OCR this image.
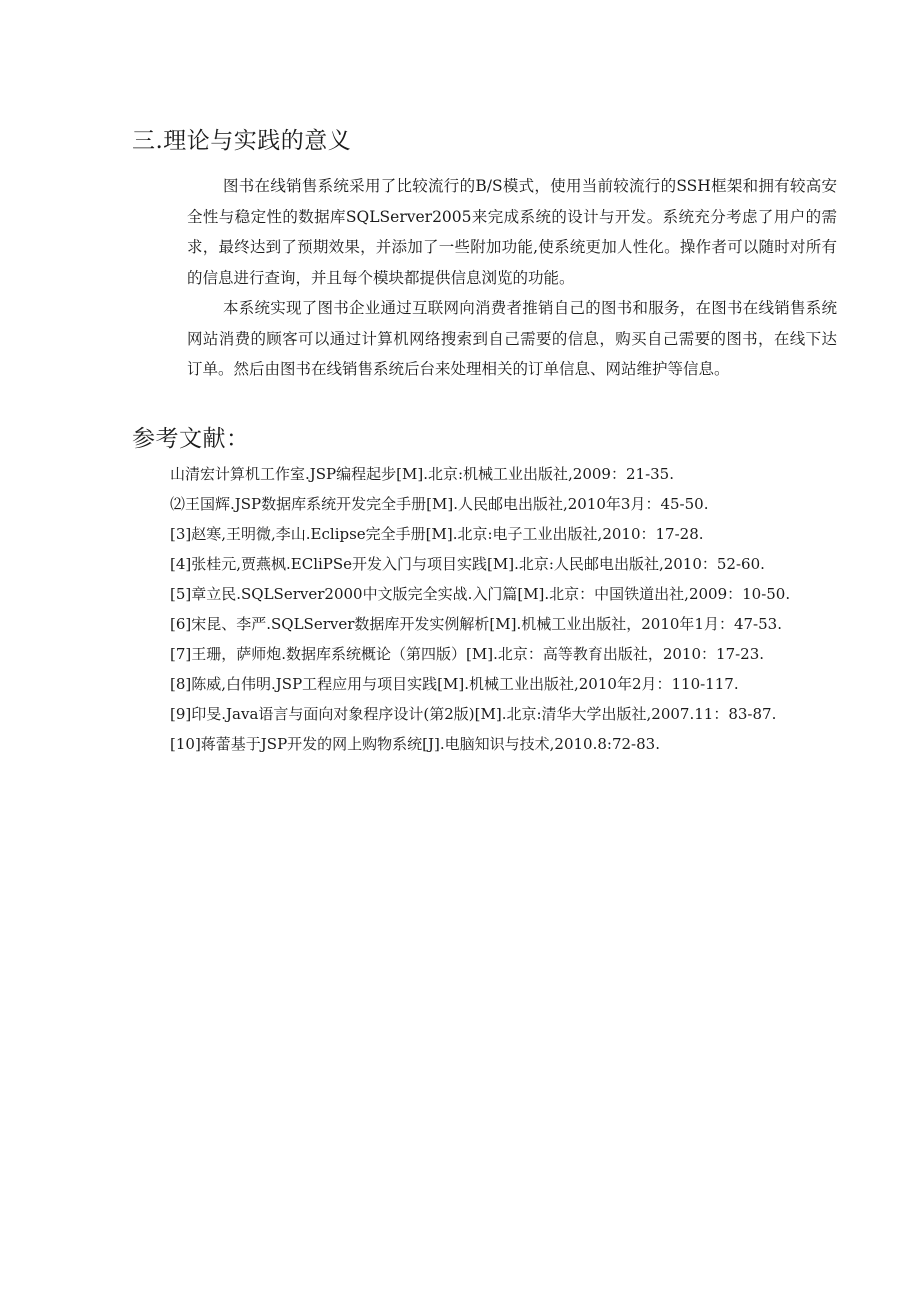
三.理论与实践的意义

图书在线销售系统采用了比较流行的B/S模式，使用当前较流行的SSH框架和拥有较高安全性与稳定性的数据库SQLServer2005来完成系统的设计与开发。系统充分考虑了用户的需求，最终达到了预期效果，并添加了一些附加功能,使系统更加人性化。操作者可以随时对所有的信息进行查询，并且每个模块都提供信息浏览的功能。

本系统实现了图书企业通过互联网向消费者推销自己的图书和服务，在图书在线销售系统网站消费的顾客可以通过计算机网络搜索到自己需要的信息，购买自己需要的图书，在线下达订单。然后由图书在线销售系统后台来处理相关的订单信息、网站维护等信息。

参考文献：

山清宏计算机工作室.JSP编程起步[M].北京:机械工业出版社,2009：21-35.

⑵王国辉.JSP数据库系统开发完全手册[M].人民邮电出版社,2010年3月：45-50.

[3]赵寒,王明微,李山.Eclipse完全手册[M].北京:电子工业出版社,2010：17-28.

[4]张桂元,贾燕枫.ECliPSe开发入门与项目实践[M].北京:人民邮电出版社,2010：52-60.

[5]章立民.SQLServer2000中文版完全实战.入门篇[M].北京：中国铁道出社,2009：10-50.

[6]宋昆、李严.SQLServer数据库开发实例解析[M].机械工业出版社，2010年1月：47-53.

[7]王珊，萨师炮.数据库系统概论（第四版）[M].北京：高等教育出版社，2010：17-23.

[8]陈威,白伟明.JSP工程应用与项目实践[M].机械工业出版社,2010年2月：110-117.

[9]印旻.Java语言与面向对象程序设计(第2版)[M].北京:清华大学出版社,2007.11：83-87.

[10]蒋蕾基于JSP开发的网上购物系统[J].电脑知识与技术,2010.8:72-83.
